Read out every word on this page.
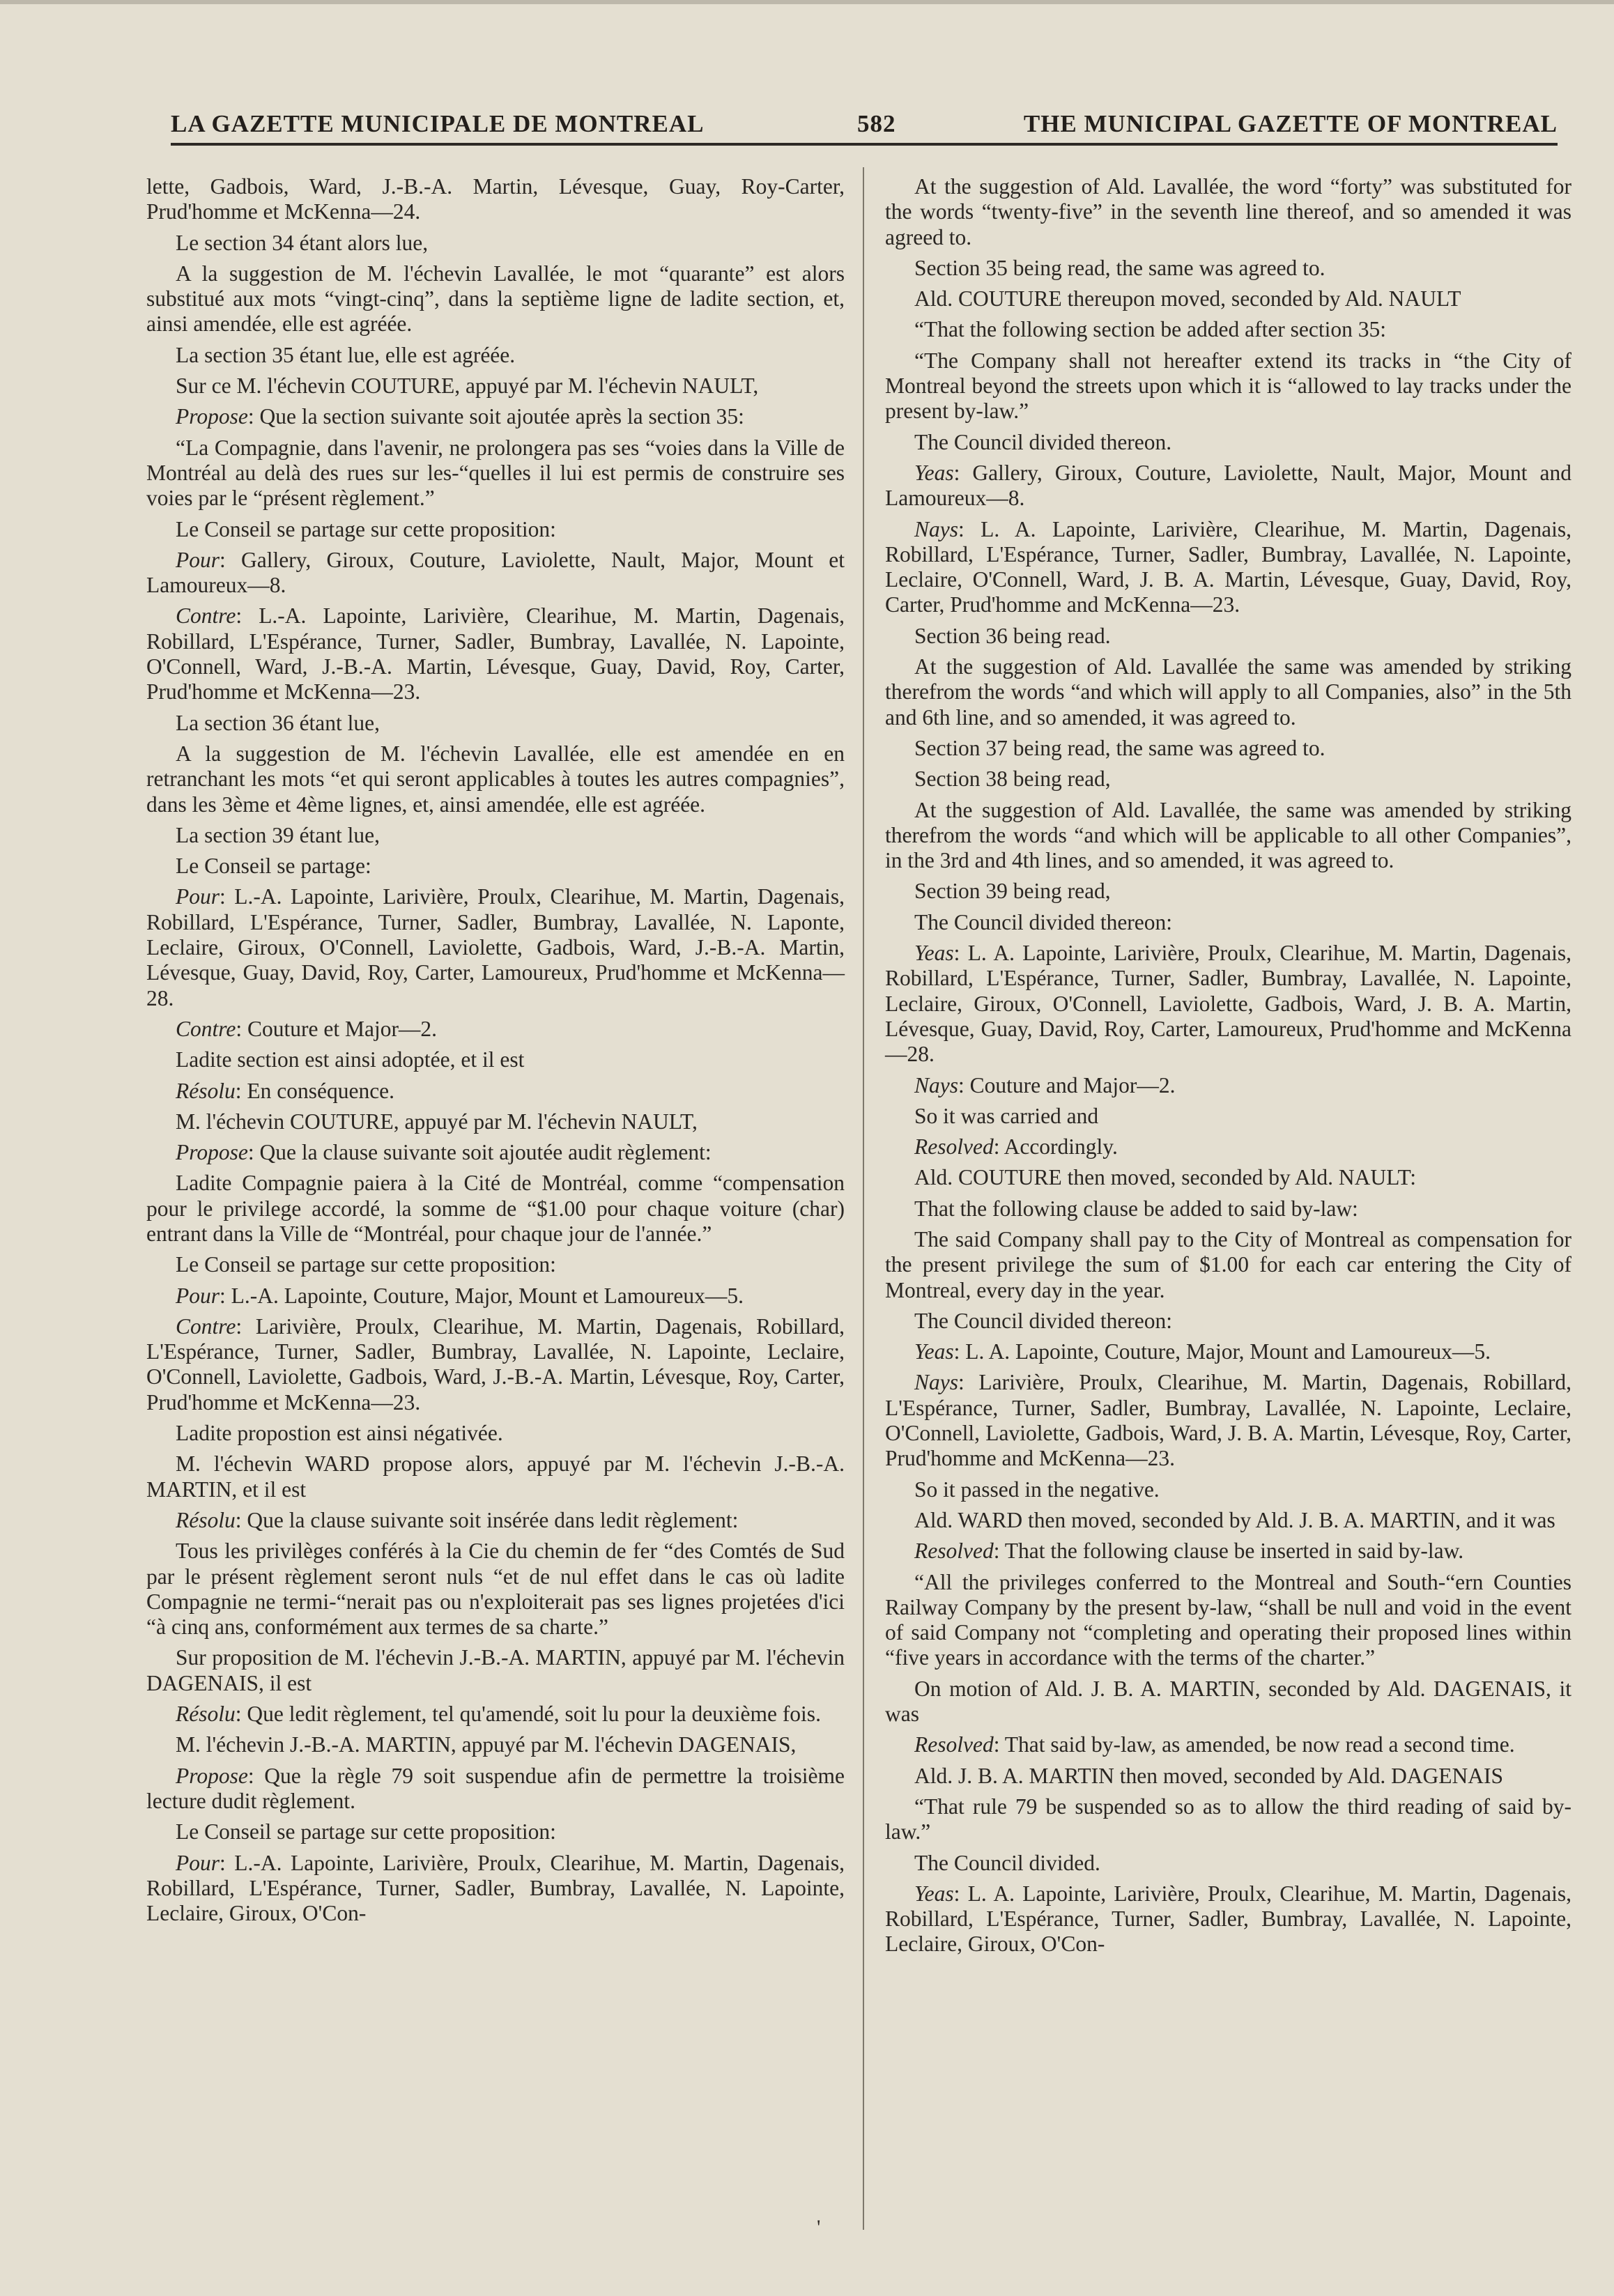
LA GAZETTE MUNICIPALE DE MONTREAL	582	THE MUNICIPAL GAZETTE OF MONTREAL

lette, Gadbois, Ward, J.-B.-A. Martin, Lévesque, Guay, Roy-Carter, Prud'homme et McKenna—24.

Le section 34 étant alors lue,

A la suggestion de M. l'échevin Lavallée, le mot “quarante” est alors substitué aux mots “vingt-cinq”, dans la septième ligne de ladite section, et, ainsi amendée, elle est agréée.

La section 35 étant lue, elle est agréée.

Sur ce M. l'échevin COUTURE, appuyé par M. l'échevin NAULT,

Propose: Que la section suivante soit ajoutée après la section 35:

“La Compagnie, dans l'avenir, ne prolongera pas ses “voies dans la Ville de Montréal au delà des rues sur les-“quelles il lui est permis de construire ses voies par le “présent règlement.”

Le Conseil se partage sur cette proposition:

Pour: Gallery, Giroux, Couture, Laviolette, Nault, Major, Mount et Lamoureux—8.

Contre: L.-A. Lapointe, Larivière, Clearihue, M. Martin, Dagenais, Robillard, L'Espérance, Turner, Sadler, Bumbray, Lavallée, N. Lapointe, O'Connell, Ward, J.-B.-A. Martin, Lévesque, Guay, David, Roy, Carter, Prud'homme et McKenna—23.

La section 36 étant lue,

A la suggestion de M. l'échevin Lavallée, elle est amendée en en retranchant les mots “et qui seront applicables à toutes les autres compagnies”, dans les 3ème et 4ème lignes, et, ainsi amendée, elle est agréée.

La section 39 étant lue,

Le Conseil se partage:

Pour: L.-A. Lapointe, Larivière, Proulx, Clearihue, M. Martin, Dagenais, Robillard, L'Espérance, Turner, Sadler, Bumbray, Lavallée, N. Laponte, Leclaire, Giroux, O'Connell, Laviolette, Gadbois, Ward, J.-B.-A. Martin, Lévesque, Guay, David, Roy, Carter, Lamoureux, Prud'homme et McKenna—28.

Contre: Couture et Major—2.

Ladite section est ainsi adoptée, et il est

Résolu: En conséquence.

M. l'échevin COUTURE, appuyé par M. l'échevin NAULT,

Propose: Que la clause suivante soit ajoutée audit règlement:

Ladite Compagnie paiera à la Cité de Montréal, comme “compensation pour le privilege accordé, la somme de “$1.00 pour chaque voiture (char) entrant dans la Ville de “Montréal, pour chaque jour de l'année.”

Le Conseil se partage sur cette proposition:

Pour: L.-A. Lapointe, Couture, Major, Mount et Lamoureux—5.

Contre: Larivière, Proulx, Clearihue, M. Martin, Dagenais, Robillard, L'Espérance, Turner, Sadler, Bumbray, Lavallée, N. Lapointe, Leclaire, O'Connell, Laviolette, Gadbois, Ward, J.-B.-A. Martin, Lévesque, Roy, Carter, Prud'homme et McKenna—23.

Ladite propostion est ainsi négativée.

M. l'échevin WARD propose alors, appuyé par M. l'échevin J.-B.-A. MARTIN, et il est

Résolu: Que la clause suivante soit insérée dans ledit règlement:

Tous les privilèges conférés à la Cie du chemin de fer “des Comtés de Sud par le présent règlement seront nuls “et de nul effet dans le cas où ladite Compagnie ne termi-“nerait pas ou n'exploiterait pas ses lignes projetées d'ici “à cinq ans, conformément aux termes de sa charte.”

Sur proposition de M. l'échevin J.-B.-A. MARTIN, appuyé par M. l'échevin DAGENAIS, il est

Résolu: Que ledit règlement, tel qu'amendé, soit lu pour la deuxième fois.

M. l'échevin J.-B.-A. MARTIN, appuyé par M. l'échevin DAGENAIS,

Propose: Que la règle 79 soit suspendue afin de permettre la troisième lecture dudit règlement.

Le Conseil se partage sur cette proposition:

Pour: L.-A. Lapointe, Larivière, Proulx, Clearihue, M. Martin, Dagenais, Robillard, L'Espérance, Turner, Sadler, Bumbray, Lavallée, N. Lapointe, Leclaire, Giroux, O'Con-

At the suggestion of Ald. Lavallée, the word “forty” was substituted for the words “twenty-five” in the seventh line thereof, and so amended it was agreed to.

Section 35 being read, the same was agreed to.

Ald. COUTURE thereupon moved, seconded by Ald. NAULT

“That the following section be added after section 35:

“The Company shall not hereafter extend its tracks in “the City of Montreal beyond the streets upon which it is “allowed to lay tracks under the present by-law.”

The Council divided thereon.

Yeas: Gallery, Giroux, Couture, Laviolette, Nault, Major, Mount and Lamoureux—8.

Nays: L. A. Lapointe, Larivière, Clearihue, M. Martin, Dagenais, Robillard, L'Espérance, Turner, Sadler, Bumbray, Lavallée, N. Lapointe, Leclaire, O'Connell, Ward, J. B. A. Martin, Lévesque, Guay, David, Roy, Carter, Prud'homme and McKenna—23.

Section 36 being read.

At the suggestion of Ald. Lavallée the same was amended by striking therefrom the words “and which will apply to all Companies, also” in the 5th and 6th line, and so amended, it was agreed to.

Section 37 being read, the same was agreed to.

Section 38 being read,

At the suggestion of Ald. Lavallée, the same was amended by striking therefrom the words “and which will be applicable to all other Companies”, in the 3rd and 4th lines, and so amended, it was agreed to.

Section 39 being read,

The Council divided thereon:

Yeas: L. A. Lapointe, Larivière, Proulx, Clearihue, M. Martin, Dagenais, Robillard, L'Espérance, Turner, Sadler, Bumbray, Lavallée, N. Lapointe, Leclaire, Giroux, O'Connell, Laviolette, Gadbois, Ward, J. B. A. Martin, Lévesque, Guay, David, Roy, Carter, Lamoureux, Prud'homme and McKenna—28.

Nays: Couture and Major—2.

So it was carried and

Resolved: Accordingly.

Ald. COUTURE then moved, seconded by Ald. NAULT:

That the following clause be added to said by-law:

The said Company shall pay to the City of Montreal as compensation for the present privilege the sum of $1.00 for each car entering the City of Montreal, every day in the year.

The Council divided thereon:

Yeas: L. A. Lapointe, Couture, Major, Mount and Lamoureux—5.

Nays: Larivière, Proulx, Clearihue, M. Martin, Dagenais, Robillard, L'Espérance, Turner, Sadler, Bumbray, Lavallée, N. Lapointe, Leclaire, O'Connell, Laviolette, Gadbois, Ward, J. B. A. Martin, Lévesque, Roy, Carter, Prud'homme and McKenna—23.

So it passed in the negative.

Ald. WARD then moved, seconded by Ald. J. B. A. MARTIN, and it was

Resolved: That the following clause be inserted in said by-law.

“All the privileges conferred to the Montreal and South-“ern Counties Railway Company by the present by-law, “shall be null and void in the event of said Company not “completing and operating their proposed lines within “five years in accordance with the terms of the charter.”

On motion of Ald. J. B. A. MARTIN, seconded by Ald. DAGENAIS, it was

Resolved: That said by-law, as amended, be now read a second time.

Ald. J. B. A. MARTIN then moved, seconded by Ald. DAGENAIS

“That rule 79 be suspended so as to allow the third reading of said by-law.”

The Council divided.

Yeas: L. A. Lapointe, Larivière, Proulx, Clearihue, M. Martin, Dagenais, Robillard, L'Espérance, Turner, Sadler, Bumbray, Lavallée, N. Lapointe, Leclaire, Giroux, O'Con-

'
